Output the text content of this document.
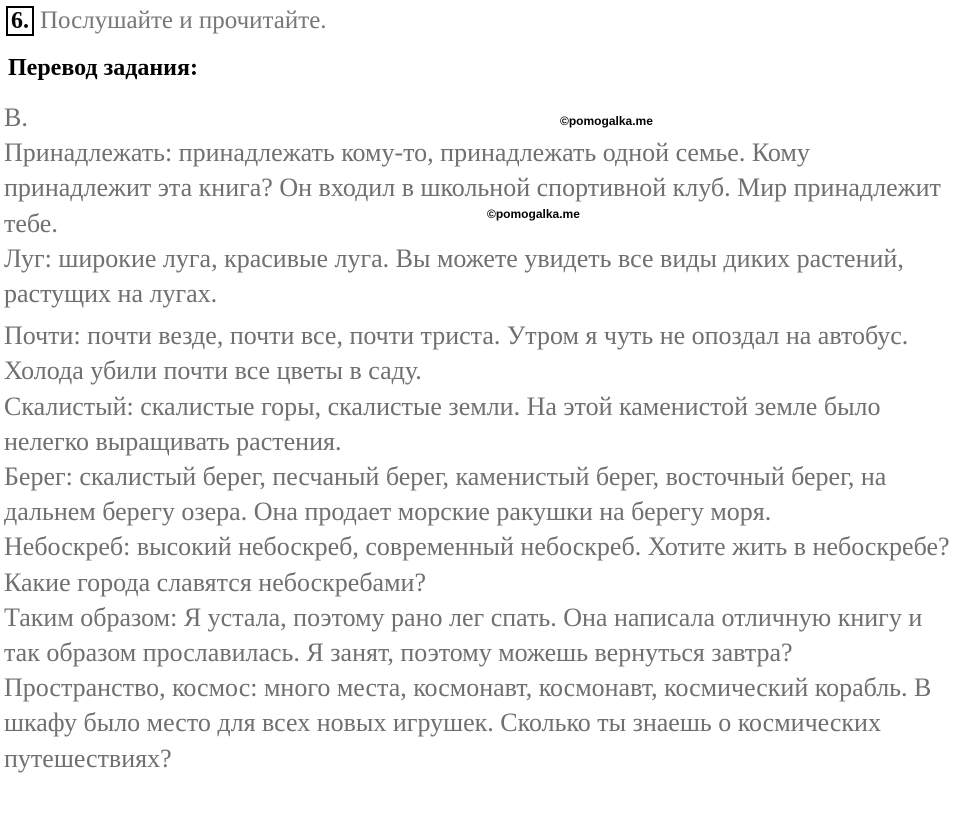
6. Послушайте и прочитайте.
Перевод задания:
©pomogalka.me
©pomogalka.me

B.

Принадлежать: принадлежать кому-то, принадлежать одной семье. Кому принадлежит эта книга? Он входил в школьной спортивной клуб. Мир принадлежит тебе.

Луг: широкие луга, красивые луга. Вы можете увидеть все виды диких растений, растущих на лугах.

Почти: почти везде, почти все, почти триста. Утром я чуть не опоздал на автобус. Холода убили почти все цветы в саду.

Скалистый: скалистые горы, скалистые земли. На этой каменистой земле было нелегко выращивать растения.

Берег: скалистый берег, песчаный берег, каменистый берег, восточный берег, на дальнем берегу озера. Она продает морские ракушки на берегу моря.

Небоскреб: высокий небоскреб, современный небоскреб. Хотите жить в небоскребе? Какие города славятся небоскребами?

Таким образом: Я устала, поэтому рано лег спать. Она написала отличную книгу и так образом прославилась. Я занят, поэтому можешь вернуться завтра?

Пространство, космос: много места, космонавт, космонавт, космический корабль. В шкафу было место для всех новых игрушек. Сколько ты знаешь о космических путешествиях?
